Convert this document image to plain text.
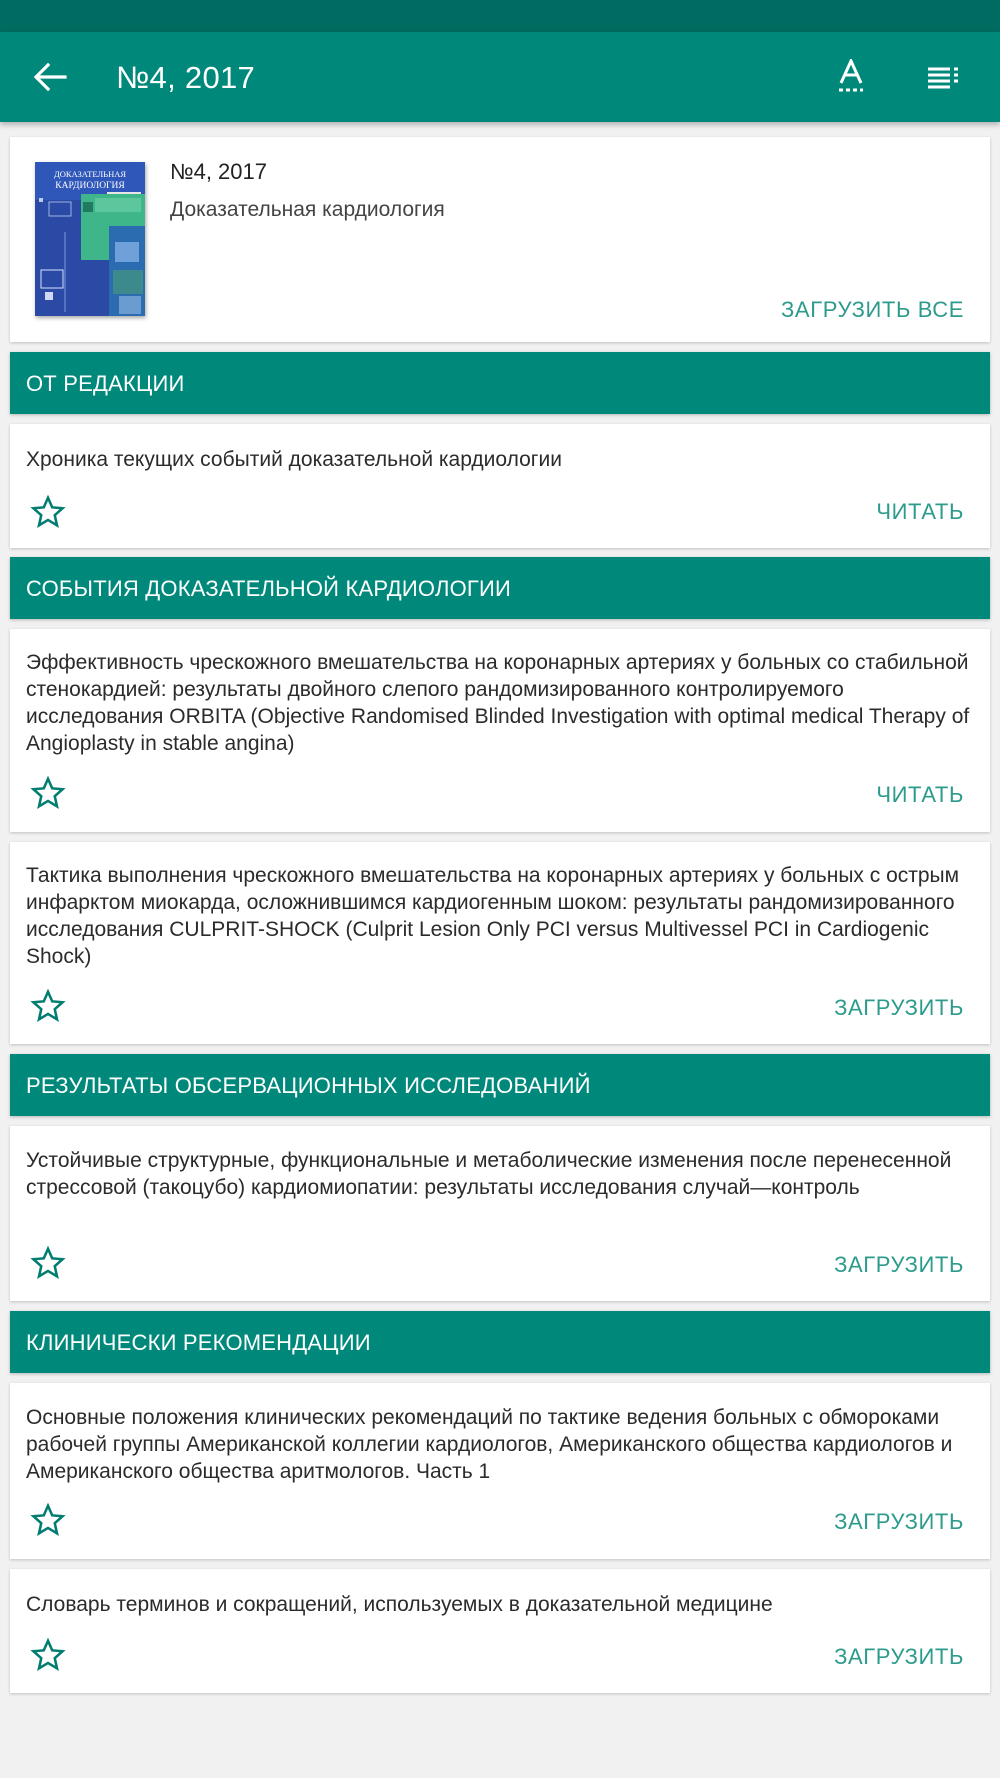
№4, 2017
ДОКАЗАТЕЛЬНАЯ
КАРДИОЛОГИЯ
№4, 2017
Доказательная кардиология
ЗАГРУЗИТЬ ВСЕ
ОТ РЕДАКЦИИ
Хроника текущих событий доказательной кардиологии
ЧИТАТЬ
СОБЫТИЯ ДОКАЗАТЕЛЬНОЙ КАРДИОЛОГИИ
Эффективность чрескожного вмешательства на коронарных артериях у больных со стабильной стенокардией: результаты двойного слепого рандомизированного контролируемого исследования ORBITA (Objective Randomised Blinded Investigation with optimal medical Therapy of Angioplasty in stable angina)
ЧИТАТЬ
Тактика выполнения чрескожного вмешательства на коронарных артериях у больных с острым инфарктом миокарда, осложнившимся кардиогенным шоком: результаты рандомизированного исследования CULPRIT-SHOCK (Culprit Lesion Only PCI versus Multivessel PCI in Cardiogenic Shock)
ЗАГРУЗИТЬ
РЕЗУЛЬТАТЫ ОБСЕРВАЦИОННЫХ ИССЛЕДОВАНИЙ
Устойчивые структурные, функциональные и метаболические изменения после перенесенной стрессовой (такоцубо) кардиомиопатии: результаты исследования случай—контроль
ЗАГРУЗИТЬ
КЛИНИЧЕСКИ РЕКОМЕНДАЦИИ
Основные положения клинических рекомендаций по тактике ведения больных с обмороками рабочей группы Американской коллегии кардиологов, Американского общества кардиологов и Американского общества аритмологов. Часть 1
ЗАГРУЗИТЬ
Словарь терминов и сокращений, используемых в доказательной медицине
ЗАГРУЗИТЬ
